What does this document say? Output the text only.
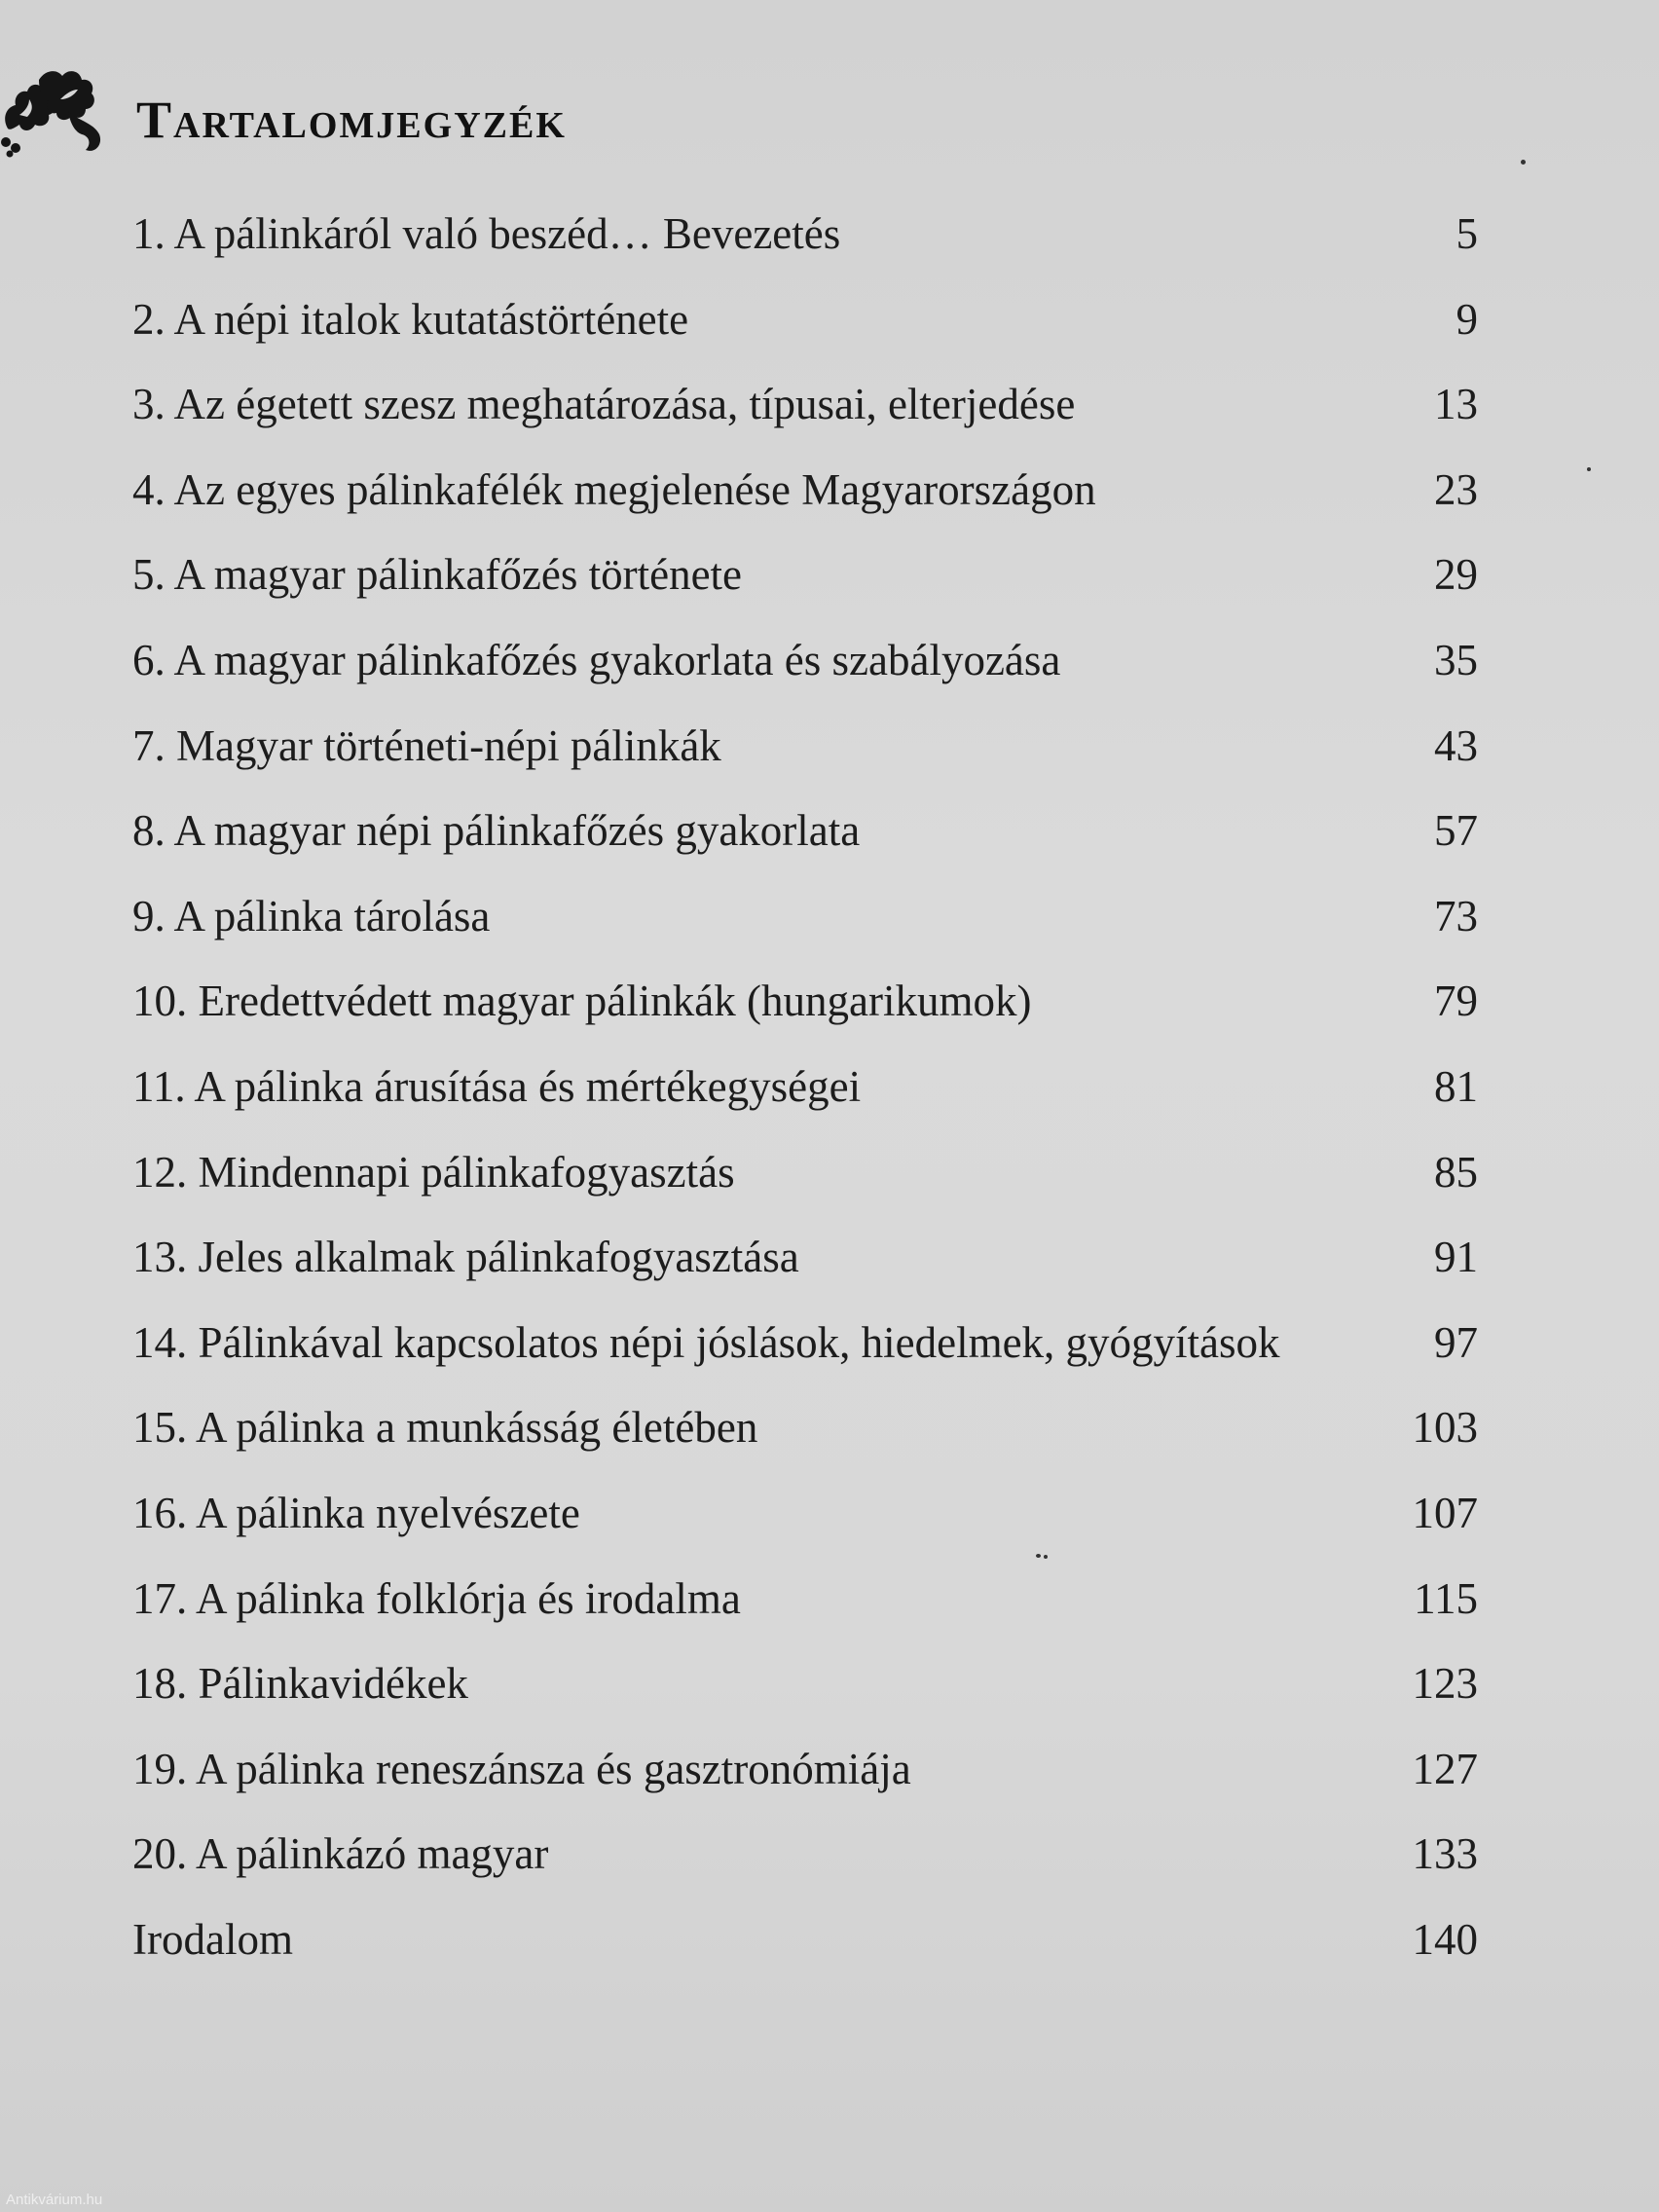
Tartalomjegyzék
1. A pálinkáról való beszéd… Bevezetés	5
2. A népi italok kutatástörténete	9
3. Az égetett szesz meghatározása, típusai, elterjedése	13
4. Az egyes pálinkafélék megjelenése Magyarországon	23
5. A magyar pálinkafőzés története	29
6. A magyar pálinkafőzés gyakorlata és szabályozása	35
7. Magyar történeti-népi pálinkák	43
8. A magyar népi pálinkafőzés gyakorlata	57
9. A pálinka tárolása	73
10. Eredettvédett magyar pálinkák (hungarikumok)	79
11. A pálinka árusítása és mértékegységei	81
12. Mindennapi pálinkafogyasztás	85
13. Jeles alkalmak pálinkafogyasztása	91
14. Pálinkával kapcsolatos népi jóslások, hiedelmek, gyógyítások	97
15. A pálinka a munkásság életében	103
16. A pálinka nyelvészete	107
17. A pálinka folklórja és irodalma	115
18. Pálinkavidékek	123
19. A pálinka reneszánsza és gasztronómiája	127
20. A pálinkázó magyar	133
Irodalom	140
Antikvárium.hu
